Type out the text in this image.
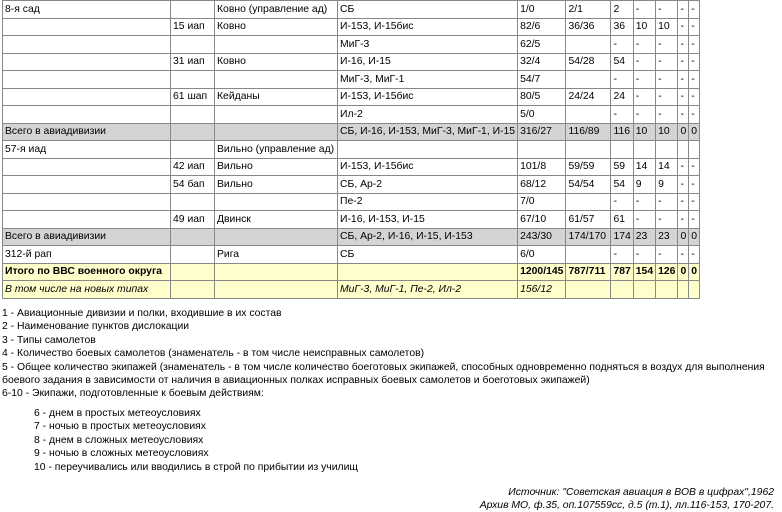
8-я сад		Ковно (управление ад)	СБ	1/0	2/1	2	-	-	-	-
	15 иап	Ковно	И-153, И-15бис	82/6	36/36	36	10	10	-	-
			МиГ-3	62/5		-	-	-	-	-
	31 иап	Ковно	И-16, И-15	32/4	54/28	54	-	-	-	-
			МиГ-3, МиГ-1	54/7		-	-	-	-	-
	61 шап	Кейданы	И-153, И-15бис	80/5	24/24	24	-	-	-	-
			Ил-2	5/0		-	-	-	-	-
Всего в авиадивизии			СБ, И-16, И-153, МиГ-3, МиГ-1, И-15	316/27	116/89	116	10	10	0	0
57-я иад		Вильно (управление ад)								
	42 иап	Вильно	И-153, И-15бис	101/8	59/59	59	14	14	-	-
	54 бап	Вильно	СБ, Ар-2	68/12	54/54	54	9	9	-	-
			Пе-2	7/0		-	-	-	-	-
	49 иап	Двинск	И-16, И-153, И-15	67/10	61/57	61	-	-	-	-
Всего в авиадивизии			СБ, Ар-2, И-16, И-15, И-153	243/30	174/170	174	23	23	0	0
312-й рап		Рига	СБ	6/0		-	-	-	-	-
Итого по ВВС военного округа				1200/145	787/711	787	154	126	0	0
В том числе на новых типах			МиГ-3, МиГ-1, Пе-2, Ил-2	156/12						
1 - Авиационные дивизии и полки, входившие в их состав
2 - Наименование пунктов дислокации
3 - Типы самолетов
4 - Количество боевых самолетов (знаменатель - в том числе неисправных самолетов)
5 - Общее количество экипажей (знаменатель - в том числе количество боеготовых экипажей, способных одновременно подняться в воздух для выполнения боевого задания в зависимости от наличия в авиационных полках исправных боевых самолетов и боеготовых экипажей)
6-10 - Экипажи, подготовленные к боевым действиям:
6 - днем в простых метеоусловиях
7 - ночью в простых метеоусловиях
8 - днем в сложных метеоусловиях
9 - ночью в сложных метеоусловиях
10 - переучивались или вводились в строй по прибытии из училищ
Источник: "Советская авиация в ВОВ в цифрах",1962
Архив МО, ф.35, оп.107559сс, д.5 (т.1), лл.116-153, 170-207.
